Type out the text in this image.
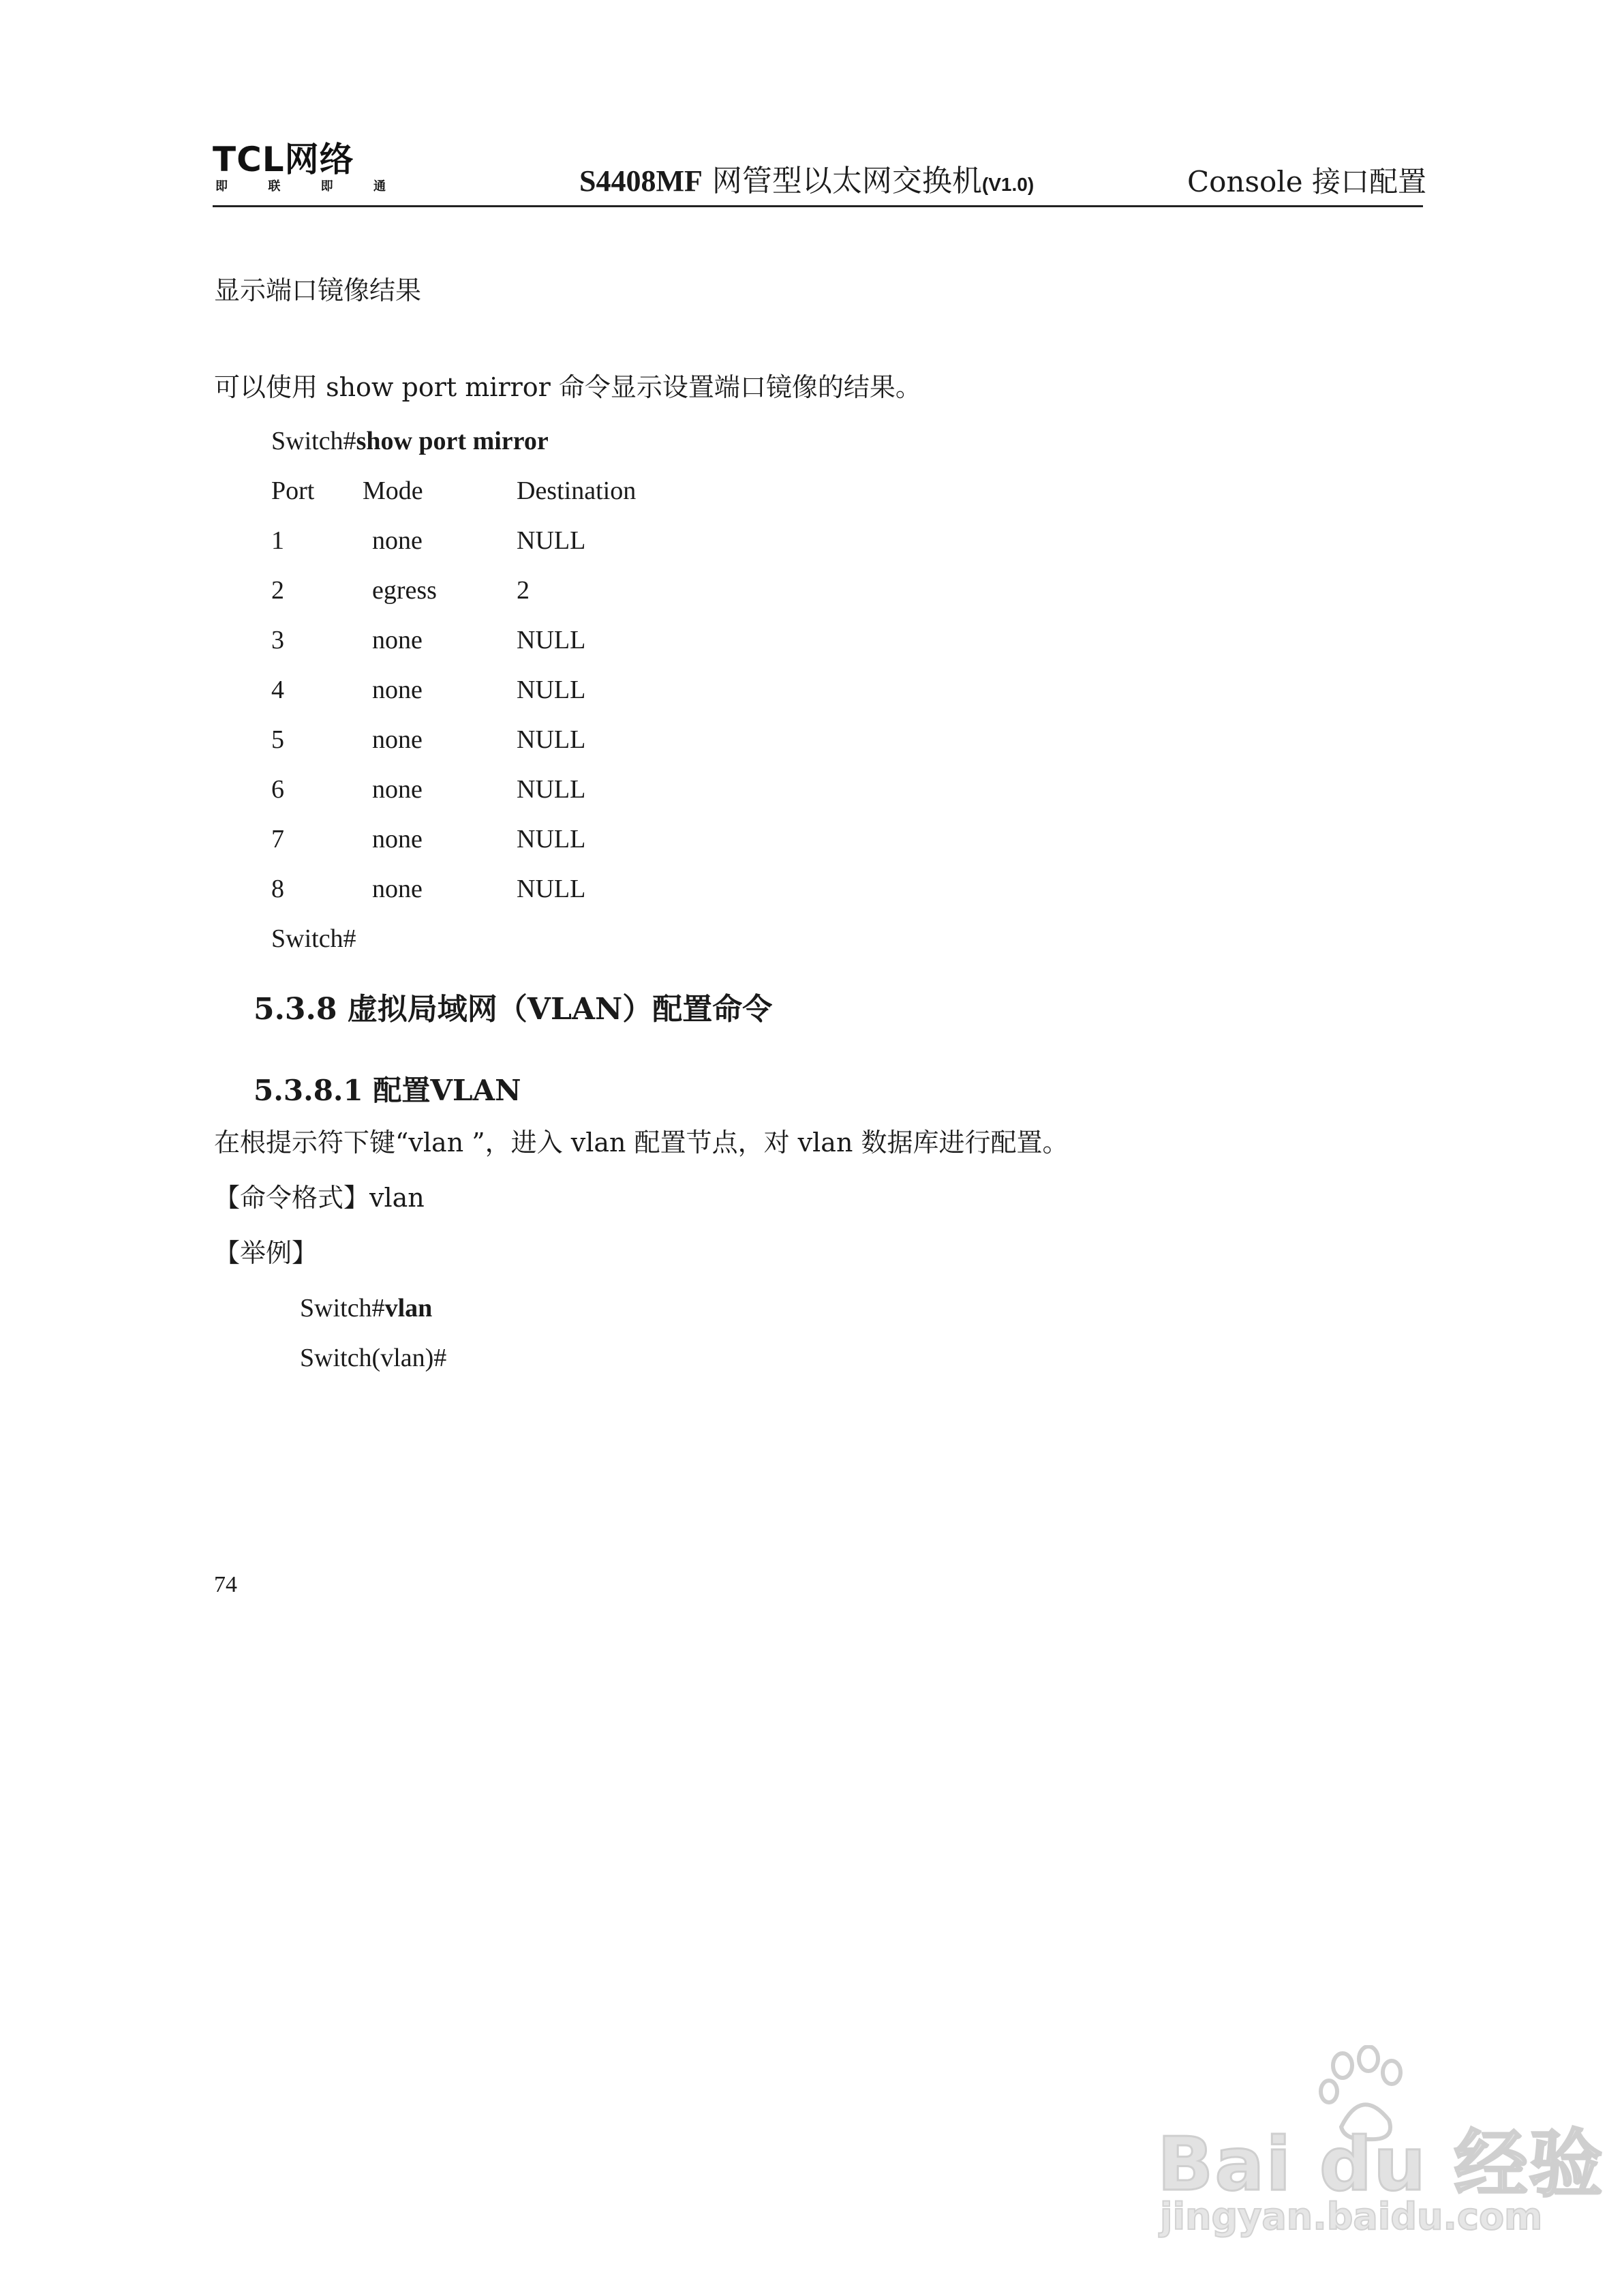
TCL网络
即	联	即	通	S4408MF 网管型以太网交换机(V1.0)	Console 接口配置
显示端口镜像结果
可以使用 show port mirror 命令显示设置端口镜像的结果。
Switch#show port mirror
Port Mode	Destination
1	none	NULL
2	egress	2
3	none	NULL
4	none	NULL
5	none	NULL
6	none	NULL
7	none	NULL
8	none	NULL
Switch#
5.3.8 虚拟局域网（VLAN）配置命令
5.3.8.1 配置VLAN
在根提示符下键“vlan ”，进入 vlan 配置节点，对 vlan 数据库进行配置。
【命令格式】vlan
【举例】
Switch#vlan
Switch(vlan)#
74
Bai du 经验
jingyan.baidu.com
